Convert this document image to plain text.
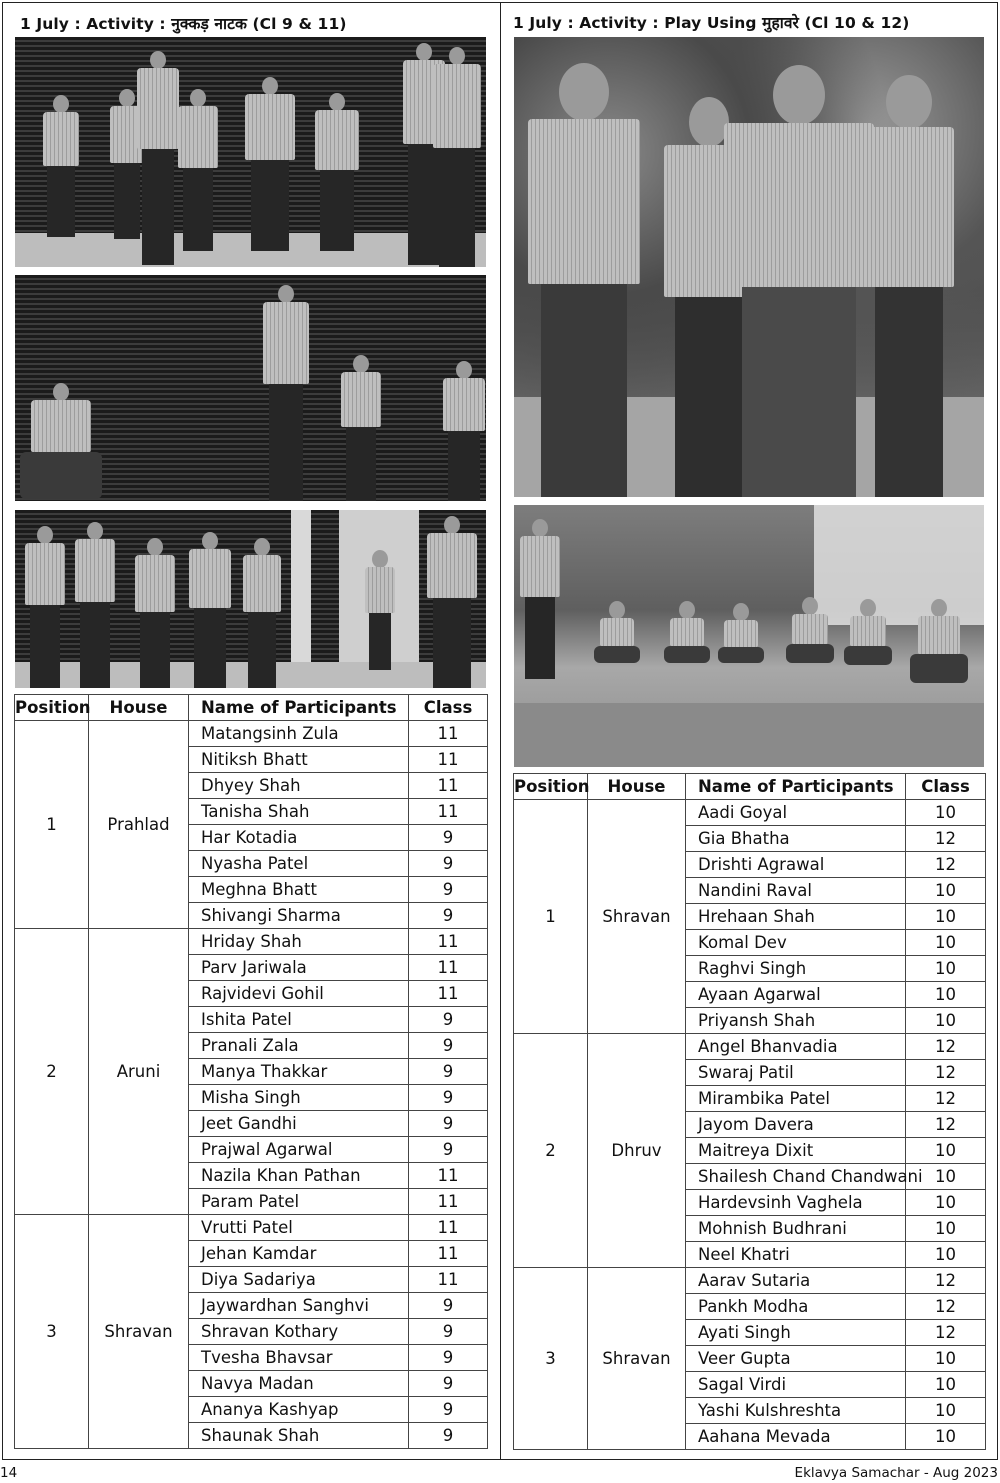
1 July : Activity : नुक्कड़ नाटक (Cl 9 & 11)
Position	House	Name of Participants	Class
1	Prahlad	Matangsinh Zula	11
		Nitiksh Bhatt	11
		Dhyey Shah	11
		Tanisha Shah	11
		Har Kotadia	9
		Nyasha Patel	9
		Meghna Bhatt	9
		Shivangi Sharma	9
2	Aruni	Hriday Shah	11
		Parv Jariwala	11
		Rajvidevi Gohil	11
		Ishita Patel	9
		Pranali Zala	9
		Manya Thakkar	9
		Misha Singh	9
		Jeet Gandhi	9
		Prajwal Agarwal	9
		Nazila Khan Pathan	11
		Param Patel	11
3	Shravan	Vrutti Patel	11
		Jehan Kamdar	11
		Diya Sadariya	11
		Jaywardhan Sanghvi	9
		Shravan Kothary	9
		Tvesha Bhavsar	9
		Navya Madan	9
		Ananya Kashyap	9
		Shaunak Shah	9
1 July : Activity : Play Using मुहावरे (Cl 10 & 12)
Position	House	Name of Participants	Class
1	Shravan	Aadi Goyal	10
		Gia Bhatha	12
		Drishti Agrawal	12
		Nandini Raval	10
		Hrehaan Shah	10
		Komal Dev	10
		Raghvi Singh	10
		Ayaan Agarwal	10
		Priyansh Shah	10
2	Dhruv	Angel Bhanvadia	12
		Swaraj Patil	12
		Mirambika Patel	12
		Jayom Davera	12
		Maitreya Dixit	10
		Shailesh Chand Chandwani	10
		Hardevsinh Vaghela	10
		Mohnish Budhrani	10
		Neel Khatri	10
3	Shravan	Aarav Sutaria	12
		Pankh Modha	12
		Ayati Singh	12
		Veer Gupta	10
		Sagal Virdi	10
		Yashi Kulshreshta	10
		Aahana Mevada	10
14	Eklavya Samachar - Aug 2023
